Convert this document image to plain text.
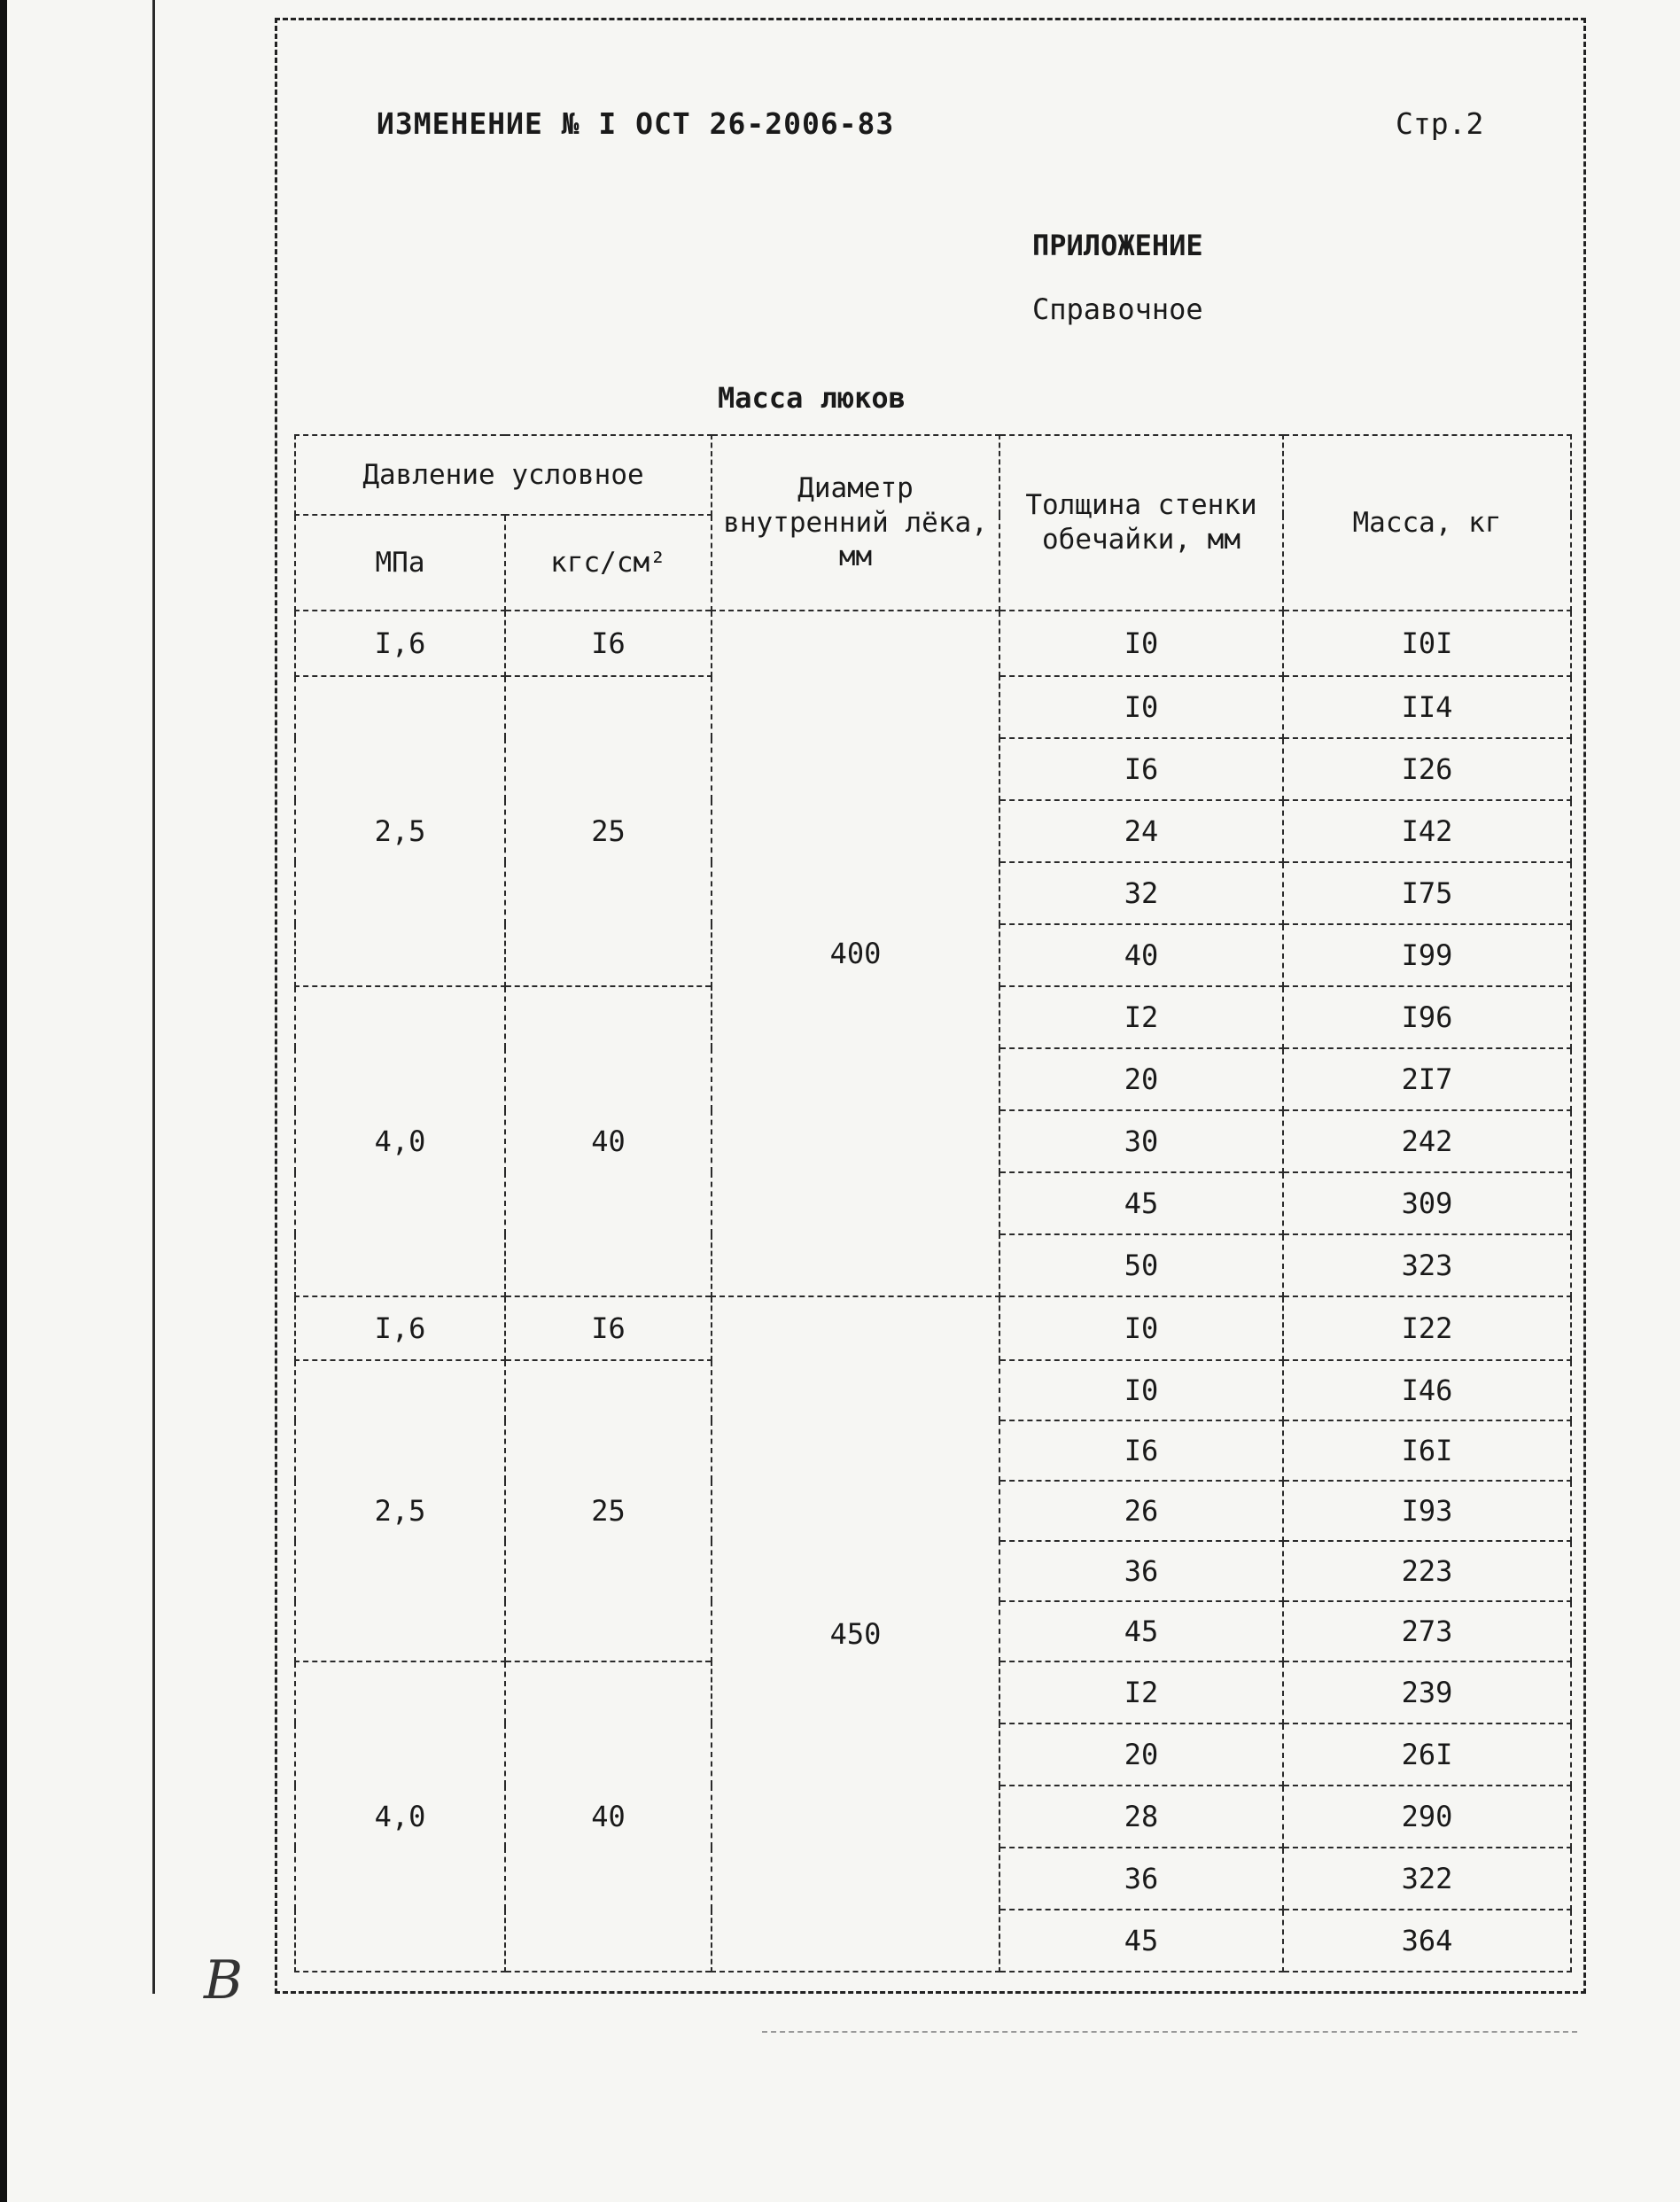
ИЗМЕНЕНИЕ № I ОСТ 26-2006-83	Стр.2
ПРИЛОЖЕНИЕ
Справочное
Масса люков
Давление условное		Диаметр внутренний лёка, мм	Толщина стенки обечайки, мм	Масса, кг
МПа	кгс/см²			
I,6	I6	400	I0	I0I
2,5	25		I0	II4
			I6	I26
			24	I42
			32	I75
			40	I99
4,0	40		I2	I96
			20	2I7
			30	242
			45	309
			50	323
I,6	I6	450	I0	I22
2,5	25		I0	I46
			I6	I6I
			26	I93
			36	223
			45	273
4,0	40		I2	239
			20	26I
			28	290
			36	322
			45	364
В
